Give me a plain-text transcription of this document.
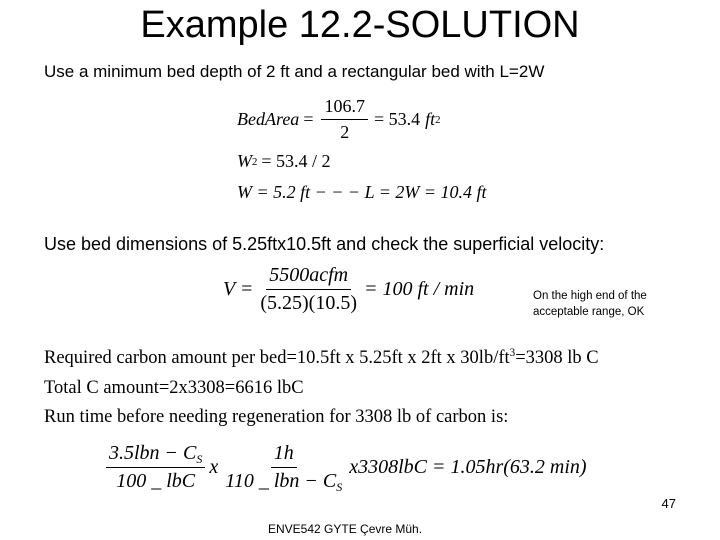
Example 12.2-SOLUTION
Use a minimum bed depth of 2 ft and a rectangular bed with L=2W
BedArea = $\frac{106.7}{2} = 53.4$ ft 2
W 2 = 53.4 / 2
W = 5.2 ft − − − L = 2W = 10.4 ft
Use bed dimensions of 5.25ftx10.5ft and check the superficial velocity:
$V = \frac{\text{5500acfm}}{(5.25)(10.5)} = 100$ ft / min	On the high end of the acceptable range, OK
Required carbon amount per bed=10.5ft x 5.25ft x 2ft x $30lb/ft^3=3308$ lb C
Total C amount=2x3308=6616 lbC
Run time before needing regeneration for 3308 lb of carbon is:
$\frac{3.5lbn - C_S}{\text{100 \_ lbC}}$ x $\frac{1h}{110 \_ lbn - C_S} x3308lbC = 1.05hr(63.2$ min)
47
ENVE542 GYTE Çevre Müh.
